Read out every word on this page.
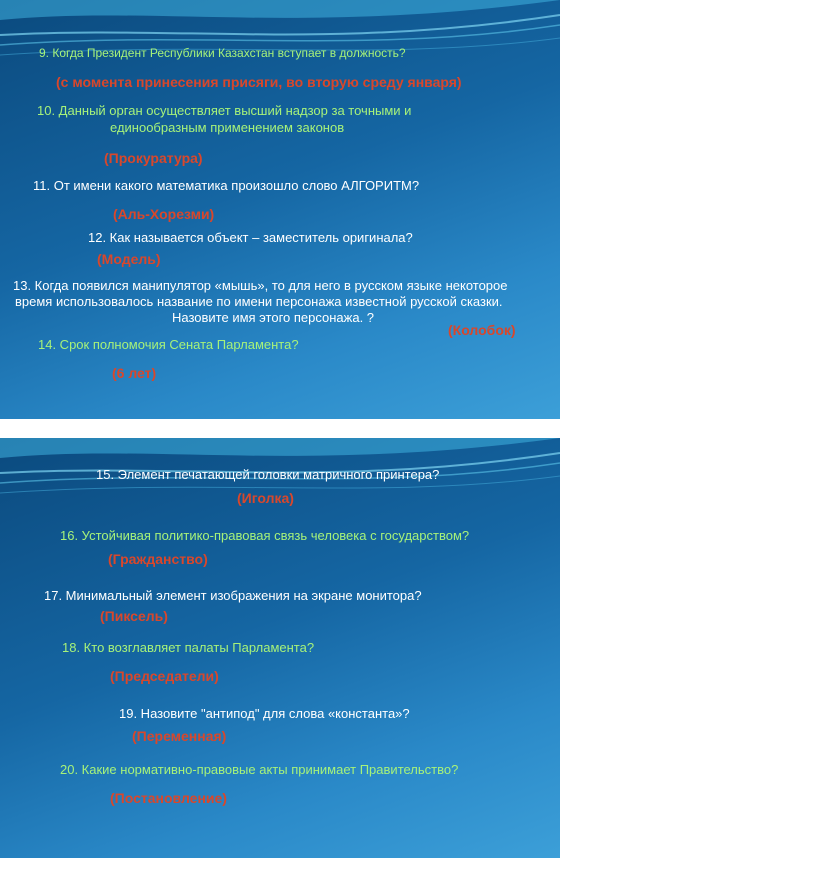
9. Когда Президент Республики Казахстан вступает в должность?
(с момента принесения присяги, во вторую среду января)
10. Данный орган осуществляет высший надзор за точными и
единообразным применением законов
(Прокуратура)
11. От имени какого математика произошло слово АЛГОРИТМ?
(Аль-Хорезми)
12. Как называется объект – заместитель оригинала?
(Модель)
13. Когда появился манипулятор «мышь», то для него в русском языке некоторое
время использовалось название по имени персонажа известной русской сказки.
Назовите имя этого персонажа. ?
(Колобок)
14. Срок полномочия Сената Парламента?
(6 лет)
15. Элемент печатающей головки матричного принтера?
(Иголка)
16. Устойчивая политико-правовая связь человека с государством?
(Гражданство)
17. Минимальный элемент изображения на экране монитора?
(Пиксель)
18. Кто возглавляет палаты Парламента?
(Председатели)
19. Назовите "антипод" для слова «константа»?
(Переменная)
20. Какие нормативно-правовые акты принимает Правительство?
(Постановление)
